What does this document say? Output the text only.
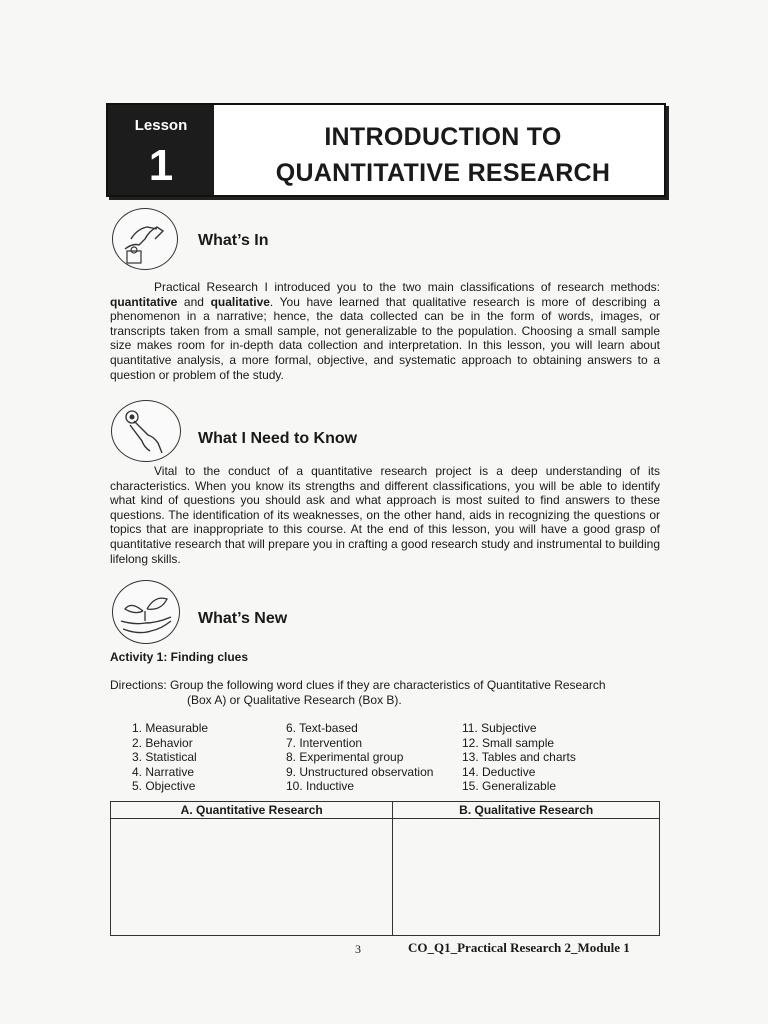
Lesson
1
INTRODUCTION TO
QUANTITATIVE RESEARCH
What’s In

Practical Research I introduced you to the two main classifications of research methods: quantitative and qualitative. You have learned that qualitative research is more of describing a phenomenon in a narrative; hence, the data collected can be in the form of words, images, or transcripts taken from a small sample, not generalizable to the population. Choosing a small sample size makes room for in-depth data collection and interpretation. In this lesson, you will learn about quantitative analysis, a more formal, objective, and systematic approach to obtaining answers to a question or problem of the study.

What I Need to Know

Vital to the conduct of a quantitative research project is a deep understanding of its characteristics. When you know its strengths and different classifications, you will be able to identify what kind of questions you should ask and what approach is most suited to find answers to these questions. The identification of its weaknesses, on the other hand, aids in recognizing the questions or topics that are inappropriate to this course. At the end of this lesson, you will have a good grasp of quantitative research that will prepare you in crafting a good research study and instrumental to building lifelong skills.

What’s New
Activity 1: Finding clues
Directions: Group the following word clues if they are characteristics of Quantitative Research
(Box A) or Qualitative Research (Box B).
1. Measurable
2. Behavior
3. Statistical
4. Narrative
5. Objective
6. Text-based
7. Intervention
8. Experimental group
9. Unstructured observation
10. Inductive
11. Subjective
12. Small sample
13. Tables and charts
14. Deductive
15. Generalizable
A. Quantitative Research	B. Qualitative Research

3	CO_Q1_Practical Research 2_Module 1
